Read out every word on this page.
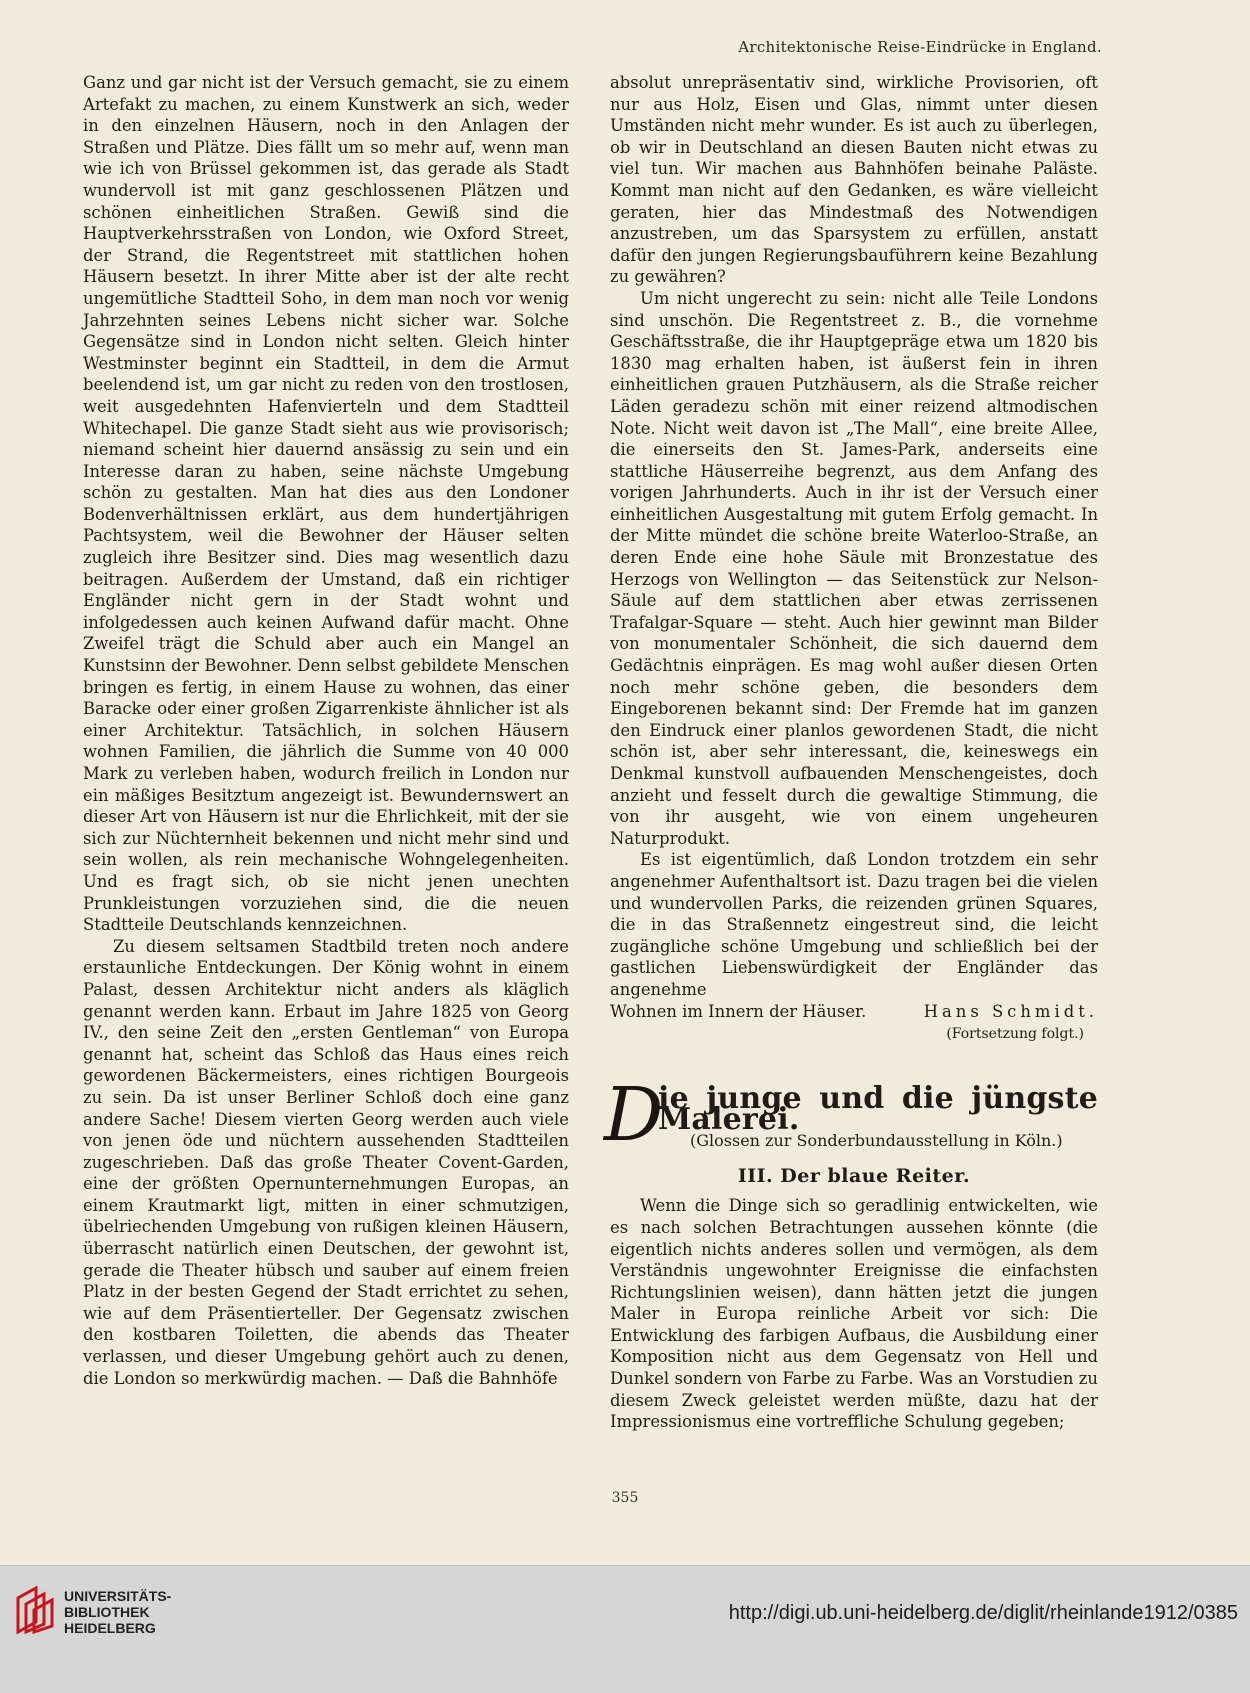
Architektonische Reise-Eindrücke in England.

Ganz und gar nicht ist der Versuch gemacht, sie zu einem Artefakt zu machen, zu einem Kunstwerk an sich, weder in den einzelnen Häusern, noch in den Anlagen der Straßen und Plätze. Dies fällt um so mehr auf, wenn man wie ich von Brüssel gekommen ist, das gerade als Stadt wundervoll ist mit ganz geschlossenen Plätzen und schönen einheitlichen Straßen. Gewiß sind die Hauptverkehrsstraßen von London, wie Oxford Street, der Strand, die Regentstreet mit stattlichen hohen Häusern besetzt. In ihrer Mitte aber ist der alte recht ungemütliche Stadtteil Soho, in dem man noch vor wenig Jahrzehnten seines Lebens nicht sicher war. Solche Gegensätze sind in London nicht selten. Gleich hinter Westminster beginnt ein Stadtteil, in dem die Armut beelendend ist, um gar nicht zu reden von den trostlosen, weit ausgedehnten Hafenvierteln und dem Stadtteil Whitechapel. Die ganze Stadt sieht aus wie provisorisch; niemand scheint hier dauernd ansässig zu sein und ein Interesse daran zu haben, seine nächste Umgebung schön zu gestalten. Man hat dies aus den Londoner Bodenverhältnissen erklärt, aus dem hundertjährigen Pachtsystem, weil die Bewohner der Häuser selten zugleich ihre Besitzer sind. Dies mag wesentlich dazu beitragen. Außerdem der Umstand, daß ein richtiger Engländer nicht gern in der Stadt wohnt und infolgedessen auch keinen Aufwand dafür macht. Ohne Zweifel trägt die Schuld aber auch ein Mangel an Kunstsinn der Bewohner. Denn selbst gebildete Menschen bringen es fertig, in einem Hause zu wohnen, das einer Baracke oder einer großen Zigarrenkiste ähnlicher ist als einer Architektur. Tatsächlich, in solchen Häusern wohnen Familien, die jährlich die Summe von 40 000 Mark zu verleben haben, wodurch freilich in London nur ein mäßiges Besitztum angezeigt ist. Bewundernswert an dieser Art von Häusern ist nur die Ehrlichkeit, mit der sie sich zur Nüchternheit bekennen und nicht mehr sind und sein wollen, als rein mechanische Wohngelegenheiten. Und es fragt sich, ob sie nicht jenen unechten Prunkleistungen vorzuziehen sind, die die neuen Stadtteile Deutschlands kennzeichnen.

Zu diesem seltsamen Stadtbild treten noch andere erstaunliche Entdeckungen. Der König wohnt in einem Palast, dessen Architektur nicht anders als kläglich genannt werden kann. Erbaut im Jahre 1825 von Georg IV., den seine Zeit den „ersten Gentleman“ von Europa genannt hat, scheint das Schloß das Haus eines reich gewordenen Bäckermeisters, eines richtigen Bourgeois zu sein. Da ist unser Berliner Schloß doch eine ganz andere Sache! Diesem vierten Georg werden auch viele von jenen öde und nüchtern aussehenden Stadtteilen zugeschrieben. Daß das große Theater Covent-Garden, eine der größten Opernunternehmungen Europas, an einem Krautmarkt ligt, mitten in einer schmutzigen, übelriechenden Umgebung von rußigen kleinen Häusern, überrascht natürlich einen Deutschen, der gewohnt ist, gerade die Theater hübsch und sauber auf einem freien Platz in der besten Gegend der Stadt errichtet zu sehen, wie auf dem Präsentierteller. Der Gegensatz zwischen den kostbaren Toiletten, die abends das Theater verlassen, und dieser Umgebung gehört auch zu denen, die London so merkwürdig machen. — Daß die Bahnhöfe

absolut unrepräsentativ sind, wirkliche Provisorien, oft nur aus Holz, Eisen und Glas, nimmt unter diesen Umständen nicht mehr wunder. Es ist auch zu überlegen, ob wir in Deutschland an diesen Bauten nicht etwas zu viel tun. Wir machen aus Bahnhöfen beinahe Paläste. Kommt man nicht auf den Gedanken, es wäre vielleicht geraten, hier das Mindestmaß des Notwendigen anzustreben, um das Sparsystem zu erfüllen, anstatt dafür den jungen Regierungsbauführern keine Bezahlung zu gewähren?

Um nicht ungerecht zu sein: nicht alle Teile Londons sind unschön. Die Regentstreet z. B., die vornehme Geschäftsstraße, die ihr Hauptgepräge etwa um 1820 bis 1830 mag erhalten haben, ist äußerst fein in ihren einheitlichen grauen Putzhäusern, als die Straße reicher Läden geradezu schön mit einer reizend altmodischen Note. Nicht weit davon ist „The Mall“, eine breite Allee, die einerseits den St. James-Park, anderseits eine stattliche Häuserreihe begrenzt, aus dem Anfang des vorigen Jahrhunderts. Auch in ihr ist der Versuch einer einheitlichen Ausgestaltung mit gutem Erfolg gemacht. In der Mitte mündet die schöne breite Waterloo-Straße, an deren Ende eine hohe Säule mit Bronzestatue des Herzogs von Wellington — das Seitenstück zur Nelson-Säule auf dem stattlichen aber etwas zerrissenen Trafalgar-Square — steht. Auch hier gewinnt man Bilder von monumentaler Schönheit, die sich dauernd dem Gedächtnis einprägen. Es mag wohl außer diesen Orten noch mehr schöne geben, die besonders dem Eingeborenen bekannt sind: Der Fremde hat im ganzen den Eindruck einer planlos gewordenen Stadt, die nicht schön ist, aber sehr interessant, die, keineswegs ein Denkmal kunstvoll aufbauenden Menschengeistes, doch anzieht und fesselt durch die gewaltige Stimmung, die von ihr ausgeht, wie von einem ungeheuren Naturprodukt.

Es ist eigentümlich, daß London trotzdem ein sehr angenehmer Aufenthaltsort ist. Dazu tragen bei die vielen und wundervollen Parks, die reizenden grünen Squares, die in das Straßennetz eingestreut sind, die leicht zugängliche schöne Umgebung und schließlich bei der gastlichen Liebenswürdigkeit der Engländer das angenehme

Wohnen im Innern der Häuser.	Hans Schmidt.
(Fortsetzung folgt.)
D
ie junge und die jüngste Malerei.
(Glossen zur Sonderbundausstellung in Köln.)
III. Der blaue Reiter.

Wenn die Dinge sich so geradlinig entwickelten, wie es nach solchen Betrachtungen aussehen könnte (die eigentlich nichts anderes sollen und vermögen, als dem Verständnis ungewohnter Ereignisse die einfachsten Richtungslinien weisen), dann hätten jetzt die jungen Maler in Europa reinliche Arbeit vor sich: Die Entwicklung des farbigen Aufbaus, die Ausbildung einer Komposition nicht aus dem Gegensatz von Hell und Dunkel sondern von Farbe zu Farbe. Was an Vorstudien zu diesem Zweck geleistet werden müßte, dazu hat der Impressionismus eine vortreffliche Schulung gegeben;

355
UNIVERSITÄTS-
BIBLIOTHEK
HEIDELBERG
http://digi.ub.uni-heidelberg.de/diglit/rheinlande1912/0385
